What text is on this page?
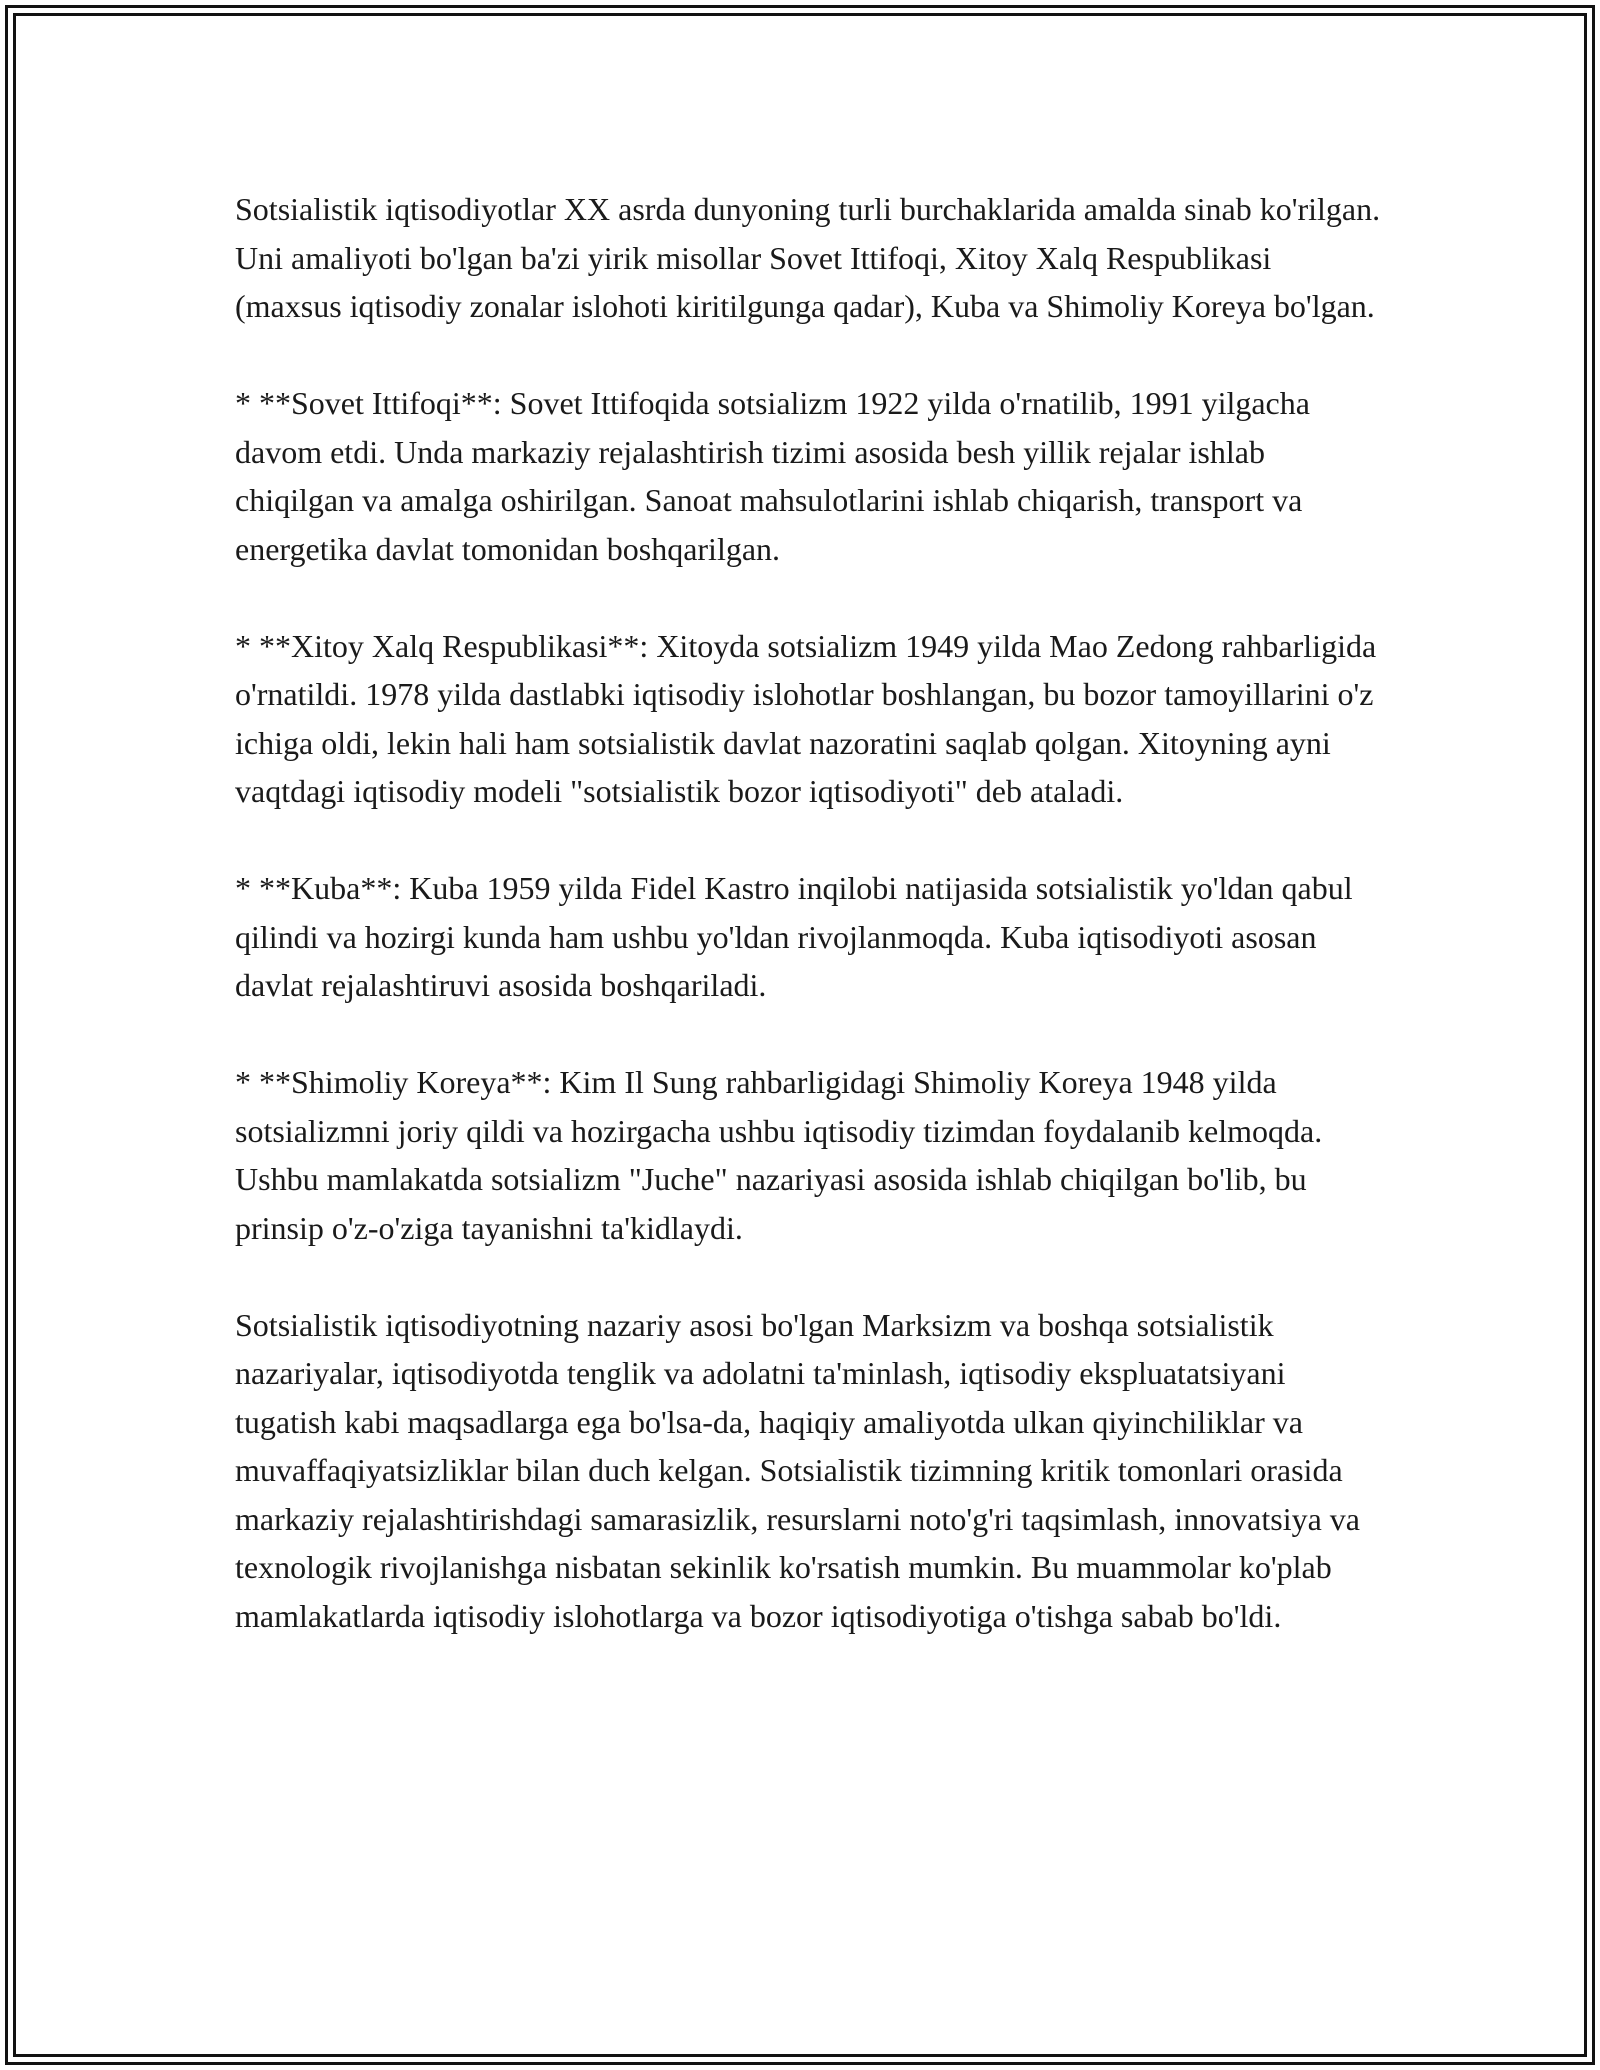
Sotsialistik iqtisodiyotlar XX asrda dunyoning turli burchaklarida amalda sinab ko'rilgan. Uni amaliyoti bo'lgan ba'zi yirik misollar Sovet Ittifoqi, Xitoy Xalq Respublikasi (maxsus iqtisodiy zonalar islohoti kiritilgunga qadar), Kuba va Shimoliy Koreya bo'lgan.

* **Sovet Ittifoqi**: Sovet Ittifoqida sotsializm 1922 yilda o'rnatilib, 1991 yilgacha davom etdi. Unda markaziy rejalashtirish tizimi asosida besh yillik rejalar ishlab chiqilgan va amalga oshirilgan. Sanoat mahsulotlarini ishlab chiqarish, transport va energetika davlat tomonidan boshqarilgan.

* **Xitoy Xalq Respublikasi**: Xitoyda sotsializm 1949 yilda Mao Zedong rahbarligida o'rnatildi. 1978 yilda dastlabki iqtisodiy islohotlar boshlangan, bu bozor tamoyillarini o'z ichiga oldi, lekin hali ham sotsialistik davlat nazoratini saqlab qolgan. Xitoyning ayni vaqtdagi iqtisodiy modeli "sotsialistik bozor iqtisodiyoti" deb ataladi.

* **Kuba**: Kuba 1959 yilda Fidel Kastro inqilobi natijasida sotsialistik yo'ldan qabul qilindi va hozirgi kunda ham ushbu yo'ldan rivojlanmoqda. Kuba iqtisodiyoti asosan davlat rejalashtiruvi asosida boshqariladi.

* **Shimoliy Koreya**: Kim Il Sung rahbarligidagi Shimoliy Koreya 1948 yilda sotsializmni joriy qildi va hozirgacha ushbu iqtisodiy tizimdan foydalanib kelmoqda. Ushbu mamlakatda sotsializm "Juche" nazariyasi asosida ishlab chiqilgan bo'lib, bu prinsip o'z-o'ziga tayanishni ta'kidlaydi.

Sotsialistik iqtisodiyotning nazariy asosi bo'lgan Marksizm va boshqa sotsialistik nazariyalar, iqtisodiyotda tenglik va adolatni ta'minlash, iqtisodiy ekspluatatsiyani tugatish kabi maqsadlarga ega bo'lsa-da, haqiqiy amaliyotda ulkan qiyinchiliklar va muvaffaqiyatsizliklar bilan duch kelgan. Sotsialistik tizimning kritik tomonlari orasida markaziy rejalashtirishdagi samarasizlik, resurslarni noto'g'ri taqsimlash, innovatsiya va texnologik rivojlanishga nisbatan sekinlik ko'rsatish mumkin. Bu muammolar ko'plab mamlakatlarda iqtisodiy islohotlarga va bozor iqtisodiyotiga o'tishga sabab bo'ldi.
